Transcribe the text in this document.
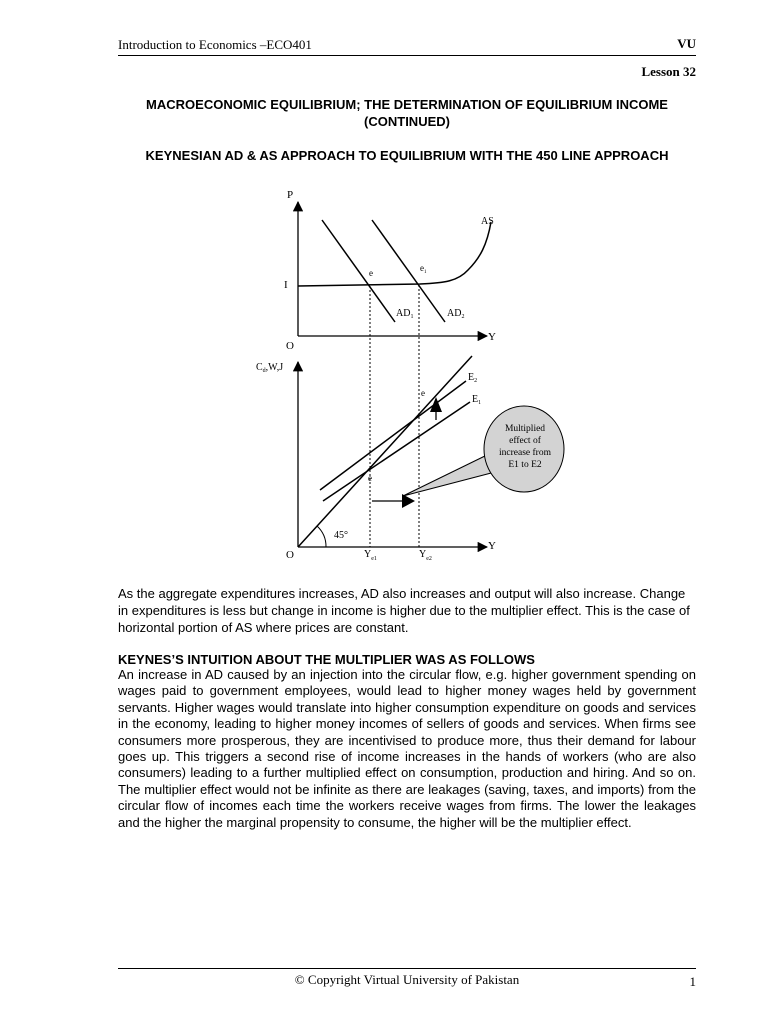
Introduction to Economics –ECO401	VU
Lesson 32
MACROECONOMIC EQUILIBRIUM; THE DETERMINATION OF EQUILIBRIUM INCOME
(CONTINUED)
KEYNESIAN AD & AS APPROACH TO EQUILIBRIUM WITH THE 450 LINE APPROACH
P
I
O
Y
AS
$AD_1$	$AD_2$
e	$e_1$
$C_d,W,J$
O
Y
$E_2$
$E_1$
e
e
45°
$Y_{e1}$	$Y_{e2}$
Multiplied
effect of
increase from
E1 to E2
As the aggregate expenditures increases, AD also increases and output will also increase. Change in expenditures is less but change in income is higher due to the multiplier effect. This is the case of horizontal portion of AS where prices are constant.
KEYNES’S INTUITION ABOUT THE MULTIPLIER WAS AS FOLLOWS
An increase in AD caused by an injection into the circular flow, e.g. higher government spending on wages paid to government employees, would lead to higher money wages held by government servants. Higher wages would translate into higher consumption expenditure on goods and services in the economy, leading to higher money incomes of sellers of goods and services. When firms see consumers more prosperous, they are incentivised to produce more, thus their demand for labour goes up. This triggers a second rise of income increases in the hands of workers (who are also consumers) leading to a further multiplied effect on consumption, production and hiring. And so on. The multiplier effect would not be infinite as there are leakages (saving, taxes, and imports) from the circular flow of incomes each time the workers receive wages from firms. The lower the leakages and the higher the marginal propensity to consume, the higher will be the multiplier effect.
© Copyright Virtual University of Pakistan	1
